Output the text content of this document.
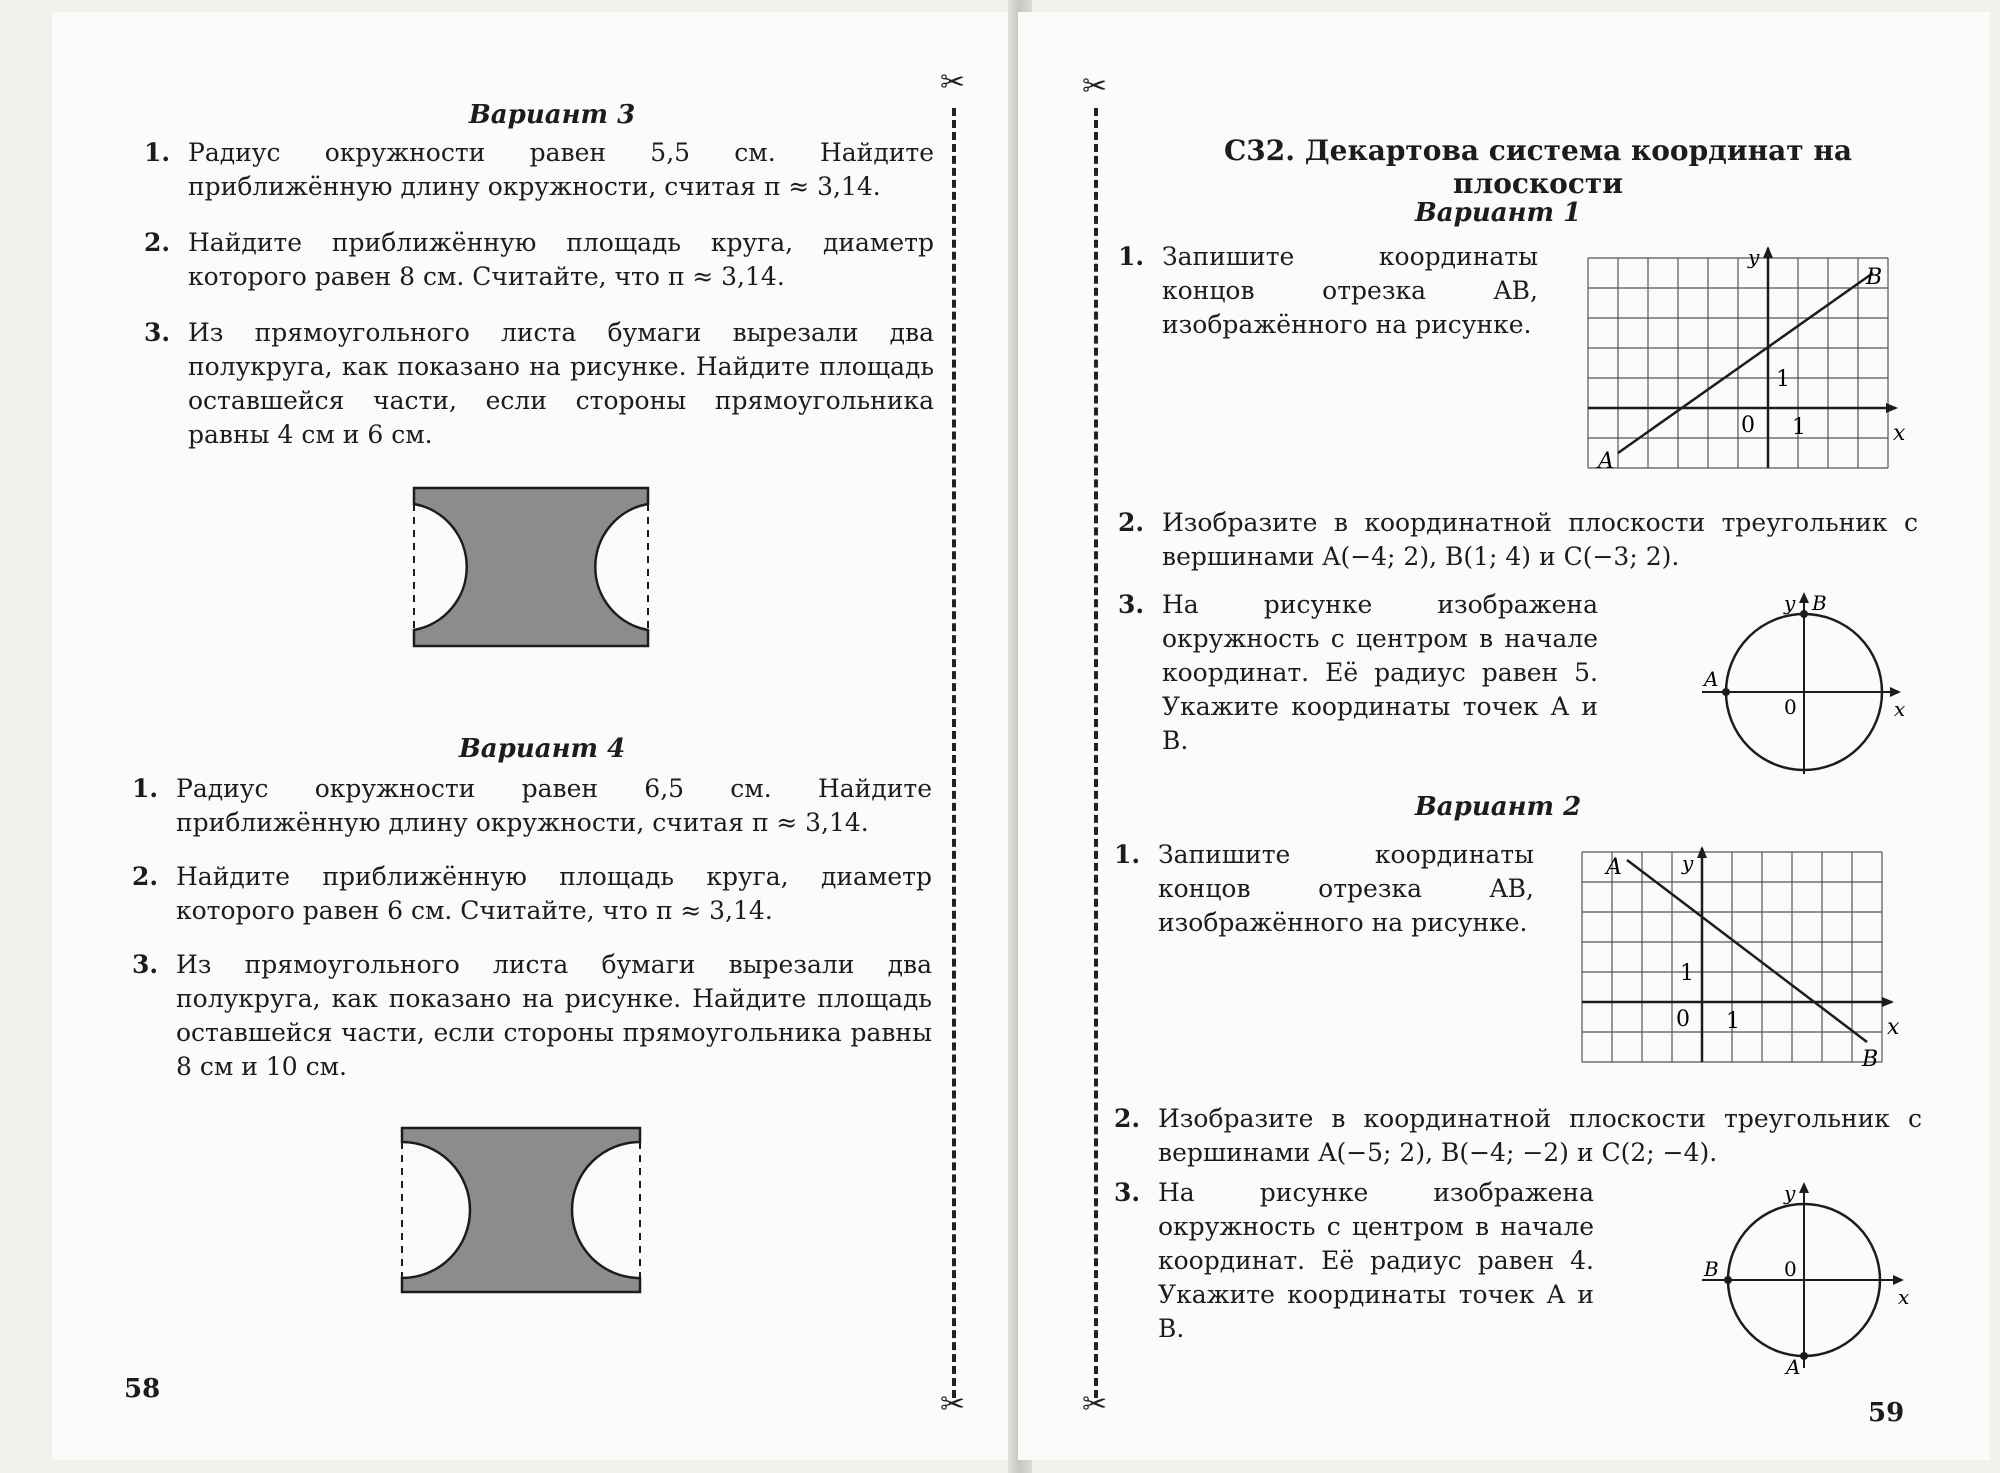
Вариант 3
1. Радиус окружности равен 5,5 см. Найдите приближённую длину окружности, считая π ≈ 3,14.
2. Найдите приближённую площадь круга, диаметр которого равен 8 см. Считайте, что π ≈ 3,14.
3. Из прямоугольного листа бумаги вырезали два полукруга, как показано на рисунке. Найдите площадь оставшейся части, если стороны прямоугольника равны 4 см и 6 см.
Вариант 4
1. Радиус окружности равен 6,5 см. Найдите приближённую длину окружности, считая π ≈ 3,14.
2. Найдите приближённую площадь круга, диаметр которого равен 6 см. Считайте, что π ≈ 3,14.
3. Из прямоугольного листа бумаги вырезали два полукруга, как показано на рисунке. Найдите площадь оставшейся части, если стороны прямоугольника равны 8 см и 10 см.
58
✂
✂
✂
✂
С32. Декартова система координат на плоскости
Вариант 1
1. Запишите координаты концов отрезка AB, изображённого на рисунке.
y
x
0 1
1
A
B
2. Изобразите в координатной плоскости треугольник с вершинами A(−4; 2), B(1; 4) и C(−3; 2).
3. На рисунке изображена окружность с центром в начале координат. Её радиус равен 5. Укажите координаты точек A и B.
y B
A
0	x
Вариант 2
1. Запишите координаты концов отрезка AB, изображённого на рисунке.
y
x
0 1
1
A
B
2. Изобразите в координатной плоскости треугольник с вершинами A(−5; 2), B(−4; −2) и C(2; −4).
3. На рисунке изображена окружность с центром в начале координат. Её радиус равен 4. Укажите координаты точек A и B.
y
B
A
0
x
59
